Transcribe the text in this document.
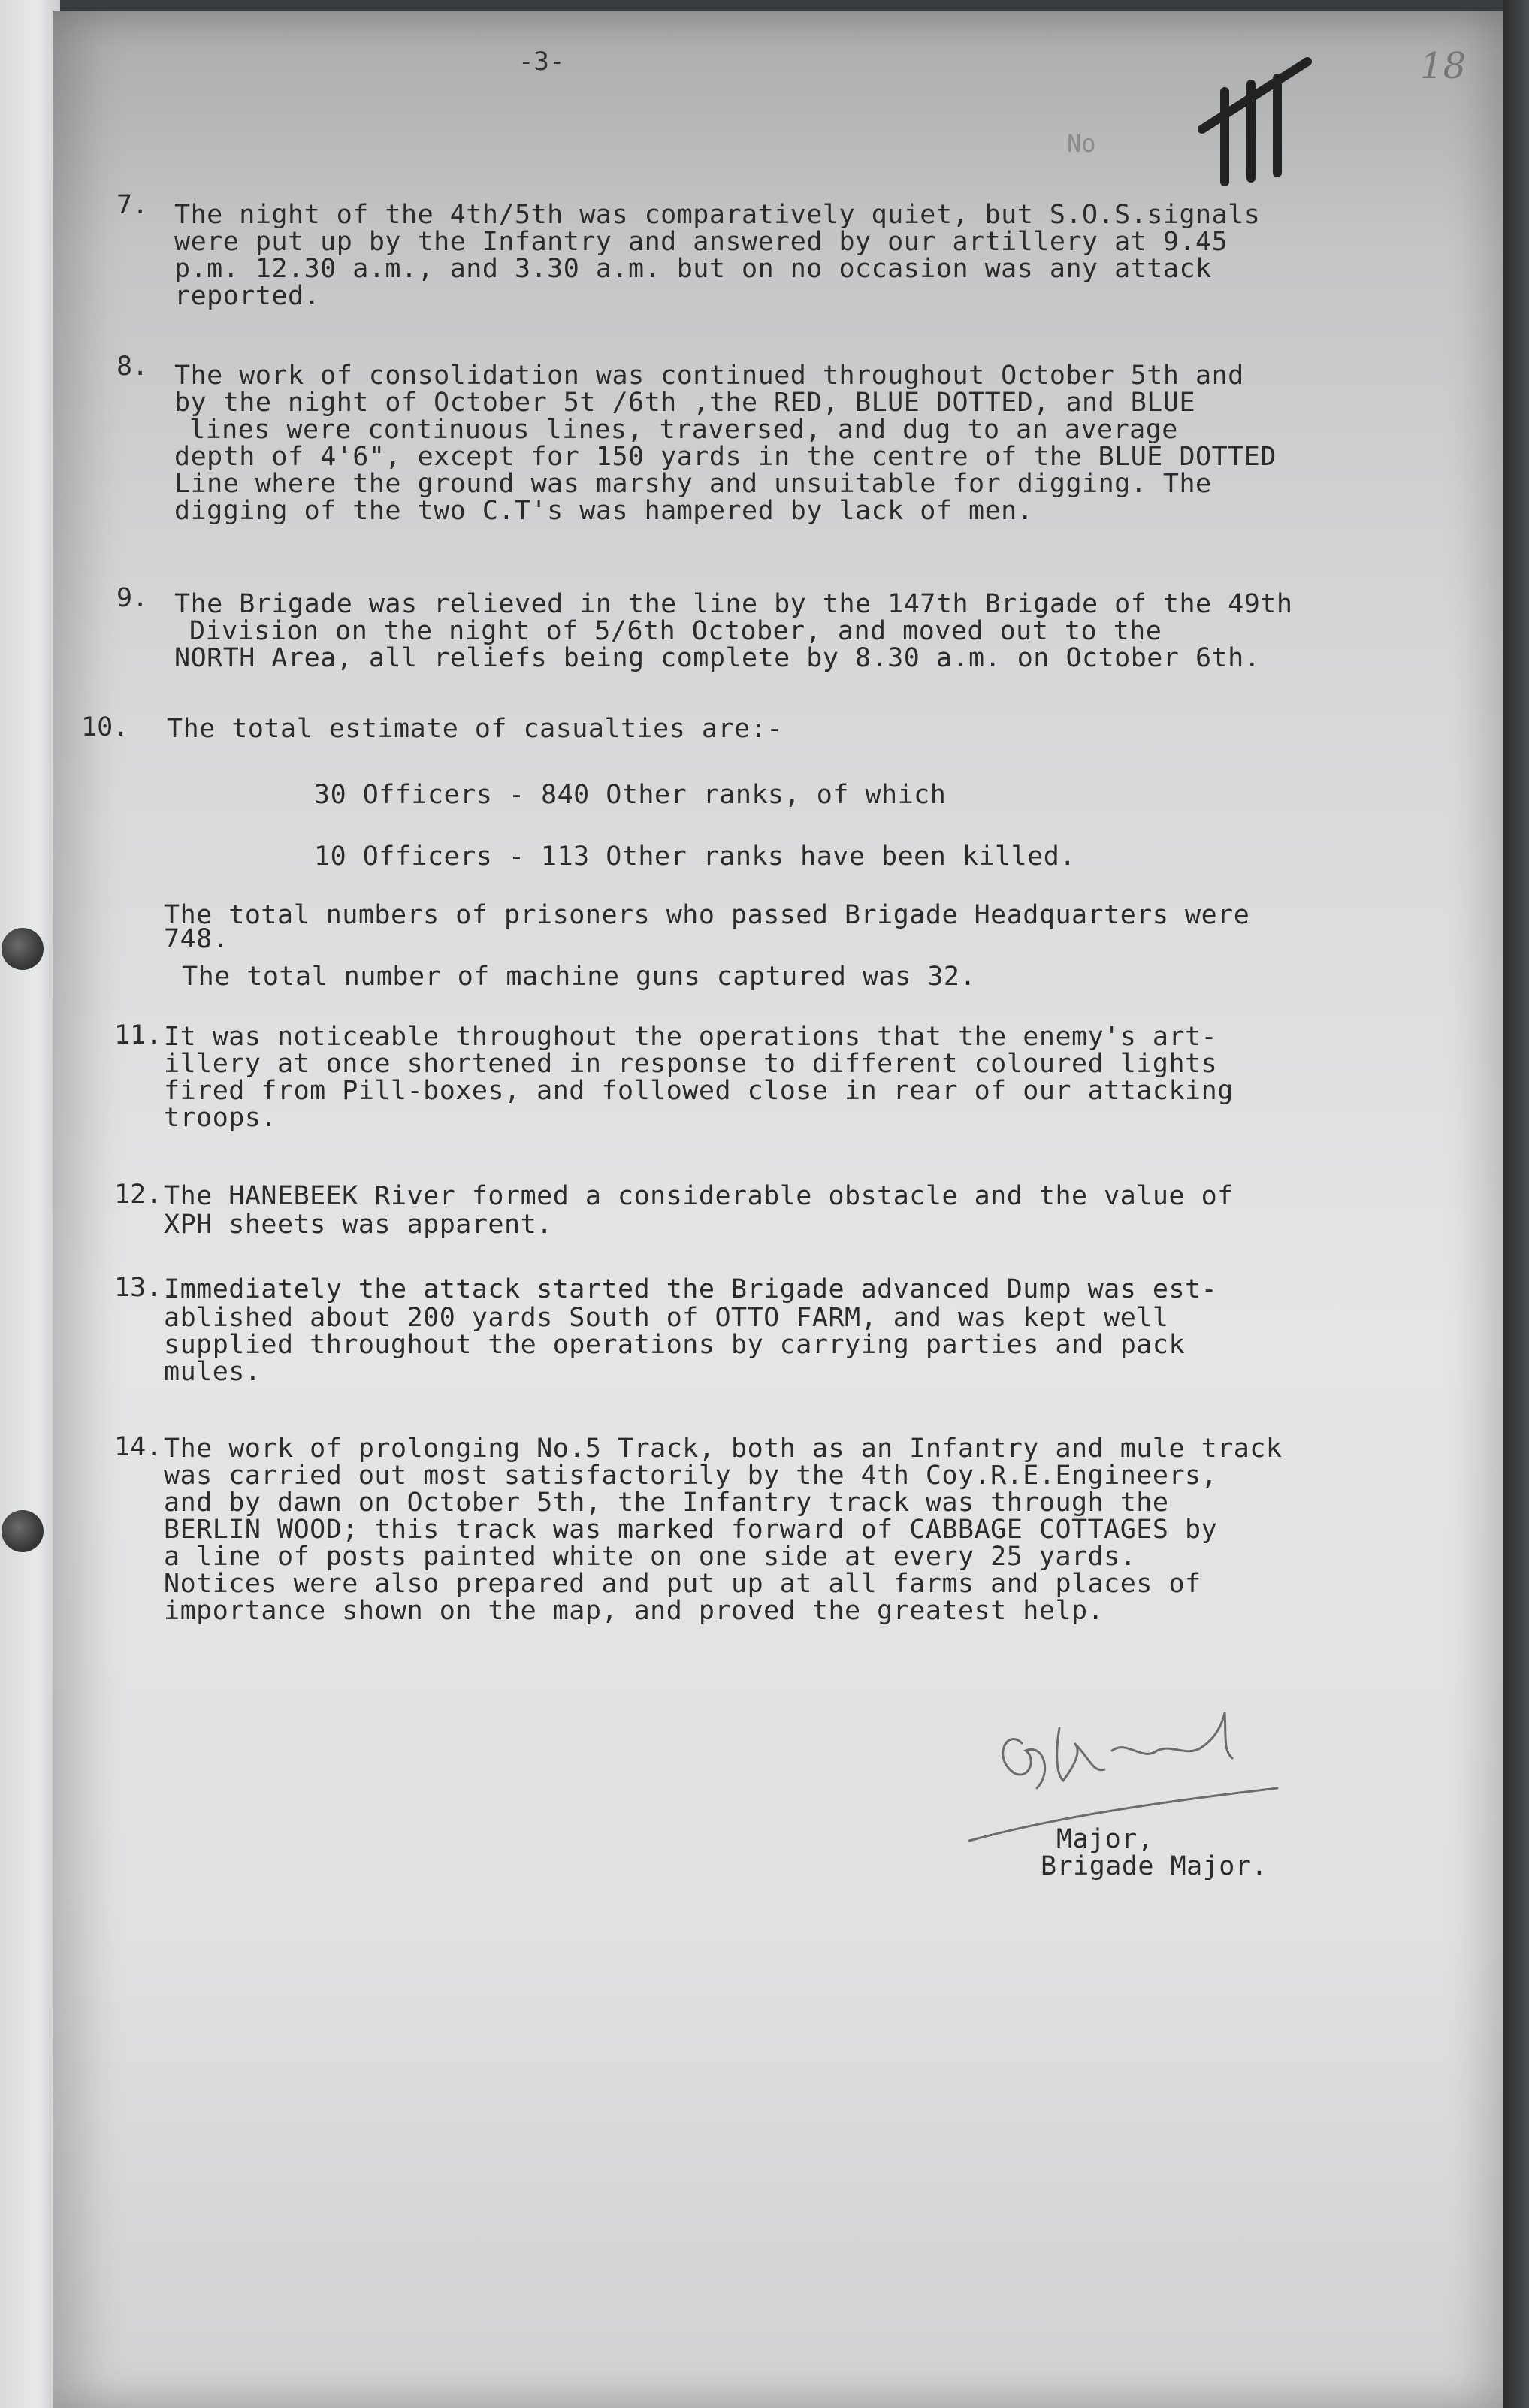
-3-	18
No
7. The night of the 4th/5th was comparatively quiet, but S.O.S.signals
were put up by the Infantry and answered by our artillery at 9.45
p.m. 12.30 a.m., and 3.30 a.m. but on no occasion was any attack
reported.
8. The work of consolidation was continued throughout October 5th and
by the night of October 5t /6th ,the RED, BLUE DOTTED, and BLUE
lines were continuous lines, traversed, and dug to an average
depth of 4'6", except for 150 yards in the centre of the BLUE DOTTED
Line where the ground was marshy and unsuitable for digging. The
digging of the two C.T's was hampered by lack of men.
9. The Brigade was relieved in the line by the 147th Brigade of the 49th
Division on the night of 5/6th October, and moved out to the
NORTH Area, all reliefs being complete by 8.30 a.m. on October 6th.
10. The total estimate of casualties are:-
30 Officers - 840 Other ranks, of which
10 Officers - 113 Other ranks have been killed.
The total numbers of prisoners who passed Brigade Headquarters were
748.
The total number of machine guns captured was 32.
11. It was noticeable throughout the operations that the enemy's art-
illery at once shortened in response to different coloured lights
fired from Pill-boxes, and followed close in rear of our attacking
troops.
12. The HANEBEEK River formed a considerable obstacle and the value of
XPH sheets was apparent.
13. Immediately the attack started the Brigade advanced Dump was est-
ablished about 200 yards South of OTTO FARM, and was kept well
supplied throughout the operations by carrying parties and pack
mules.
14. The work of prolonging No.5 Track, both as an Infantry and mule track
was carried out most satisfactorily by the 4th Coy.R.E.Engineers,
and by dawn on October 5th, the Infantry track was through the
BERLIN WOOD; this track was marked forward of CABBAGE COTTAGES by
a line of posts painted white on one side at every 25 yards.
Notices were also prepared and put up at all farms and places of
importance shown on the map, and proved the greatest help.
Major,
Brigade Major.
